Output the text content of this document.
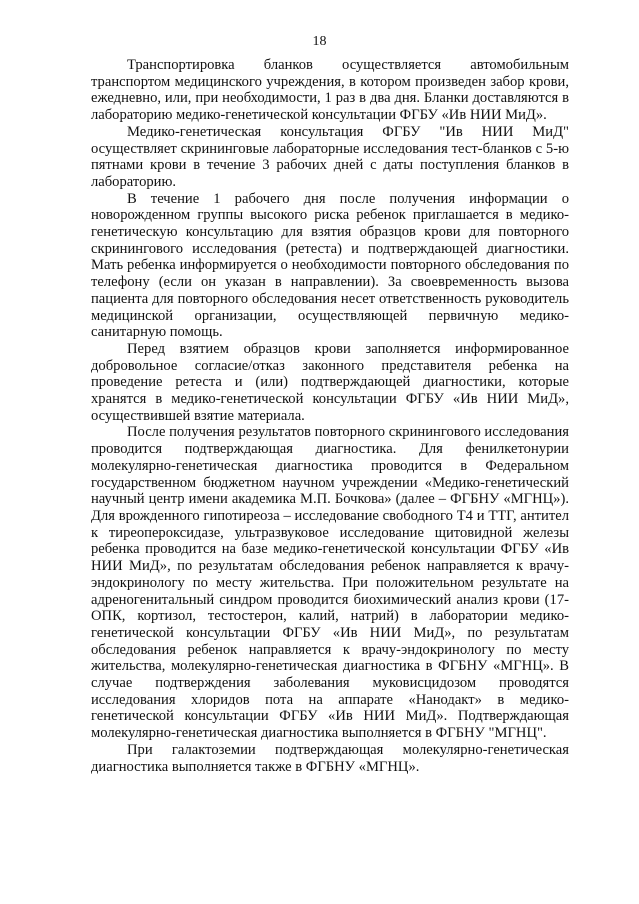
18

Транспортировка бланков осуществляется автомобильным транспортом медицинского учреждения, в котором произведен забор крови, ежедневно, или, при необходимости, 1 раз в два дня. Бланки доставляются в лабораторию медико-генетической консультации ФГБУ «Ив НИИ МиД».

Медико-генетическая консультация ФГБУ "Ив НИИ МиД" осуществляет скрининговые лабораторные исследования тест-бланков с 5-ю пятнами крови в течение 3 рабочих дней с даты поступления бланков в лабораторию.

В течение 1 рабочего дня после получения информации о новорожденном группы высокого риска ребенок приглашается в медико-генетическую консультацию для взятия образцов крови для повторного скринингового исследования (ретеста) и подтверждающей диагностики. Мать ребенка информируется о необходимости повторного обследования по телефону (если он указан в направлении). За своевременность вызова пациента для повторного обследования несет ответственность руководитель медицинской организации, осуществляющей первичную медико-санитарную помощь.

Перед взятием образцов крови заполняется информированное добровольное согласие/отказ законного представителя ребенка на проведение ретеста и (или) подтверждающей диагностики, которые хранятся в медико-генетической консультации ФГБУ «Ив НИИ МиД», осуществившей взятие материала.

После получения результатов повторного скринингового исследования проводится подтверждающая диагностика. Для фенилкетонурии молекулярно-генетическая диагностика проводится в Федеральном государственном бюджетном научном учреждении «Медико-генетический научный центр имени академика М.П. Бочкова» (далее – ФГБНУ «МГНЦ»). Для врожденного гипотиреоза – исследование свободного Т4 и ТТГ, антител к тиреопероксидазе, ультразвуковое исследование щитовидной железы ребенка проводится на базе медико-генетической консультации ФГБУ «Ив НИИ МиД», по результатам обследования ребенок направляется к врачу-эндокринологу по месту жительства. При положительном результате на адреногенитальный синдром проводится биохимический анализ крови (17-ОПК, кортизол, тестостерон, калий, натрий) в лаборатории медико-генетической консультации ФГБУ «Ив НИИ МиД», по результатам обследования ребенок направляется к врачу-эндокринологу по месту жительства, молекулярно-генетическая диагностика в ФГБНУ «МГНЦ». В случае подтверждения заболевания муковисцидозом проводятся исследования хлоридов пота на аппарате «Нанодакт» в медико-генетической консультации ФГБУ «Ив НИИ МиД». Подтверждающая молекулярно-генетическая диагностика выполняется в ФГБНУ "МГНЦ".

При галактоземии подтверждающая молекулярно-генетическая диагностика выполняется также в ФГБНУ «МГНЦ».
